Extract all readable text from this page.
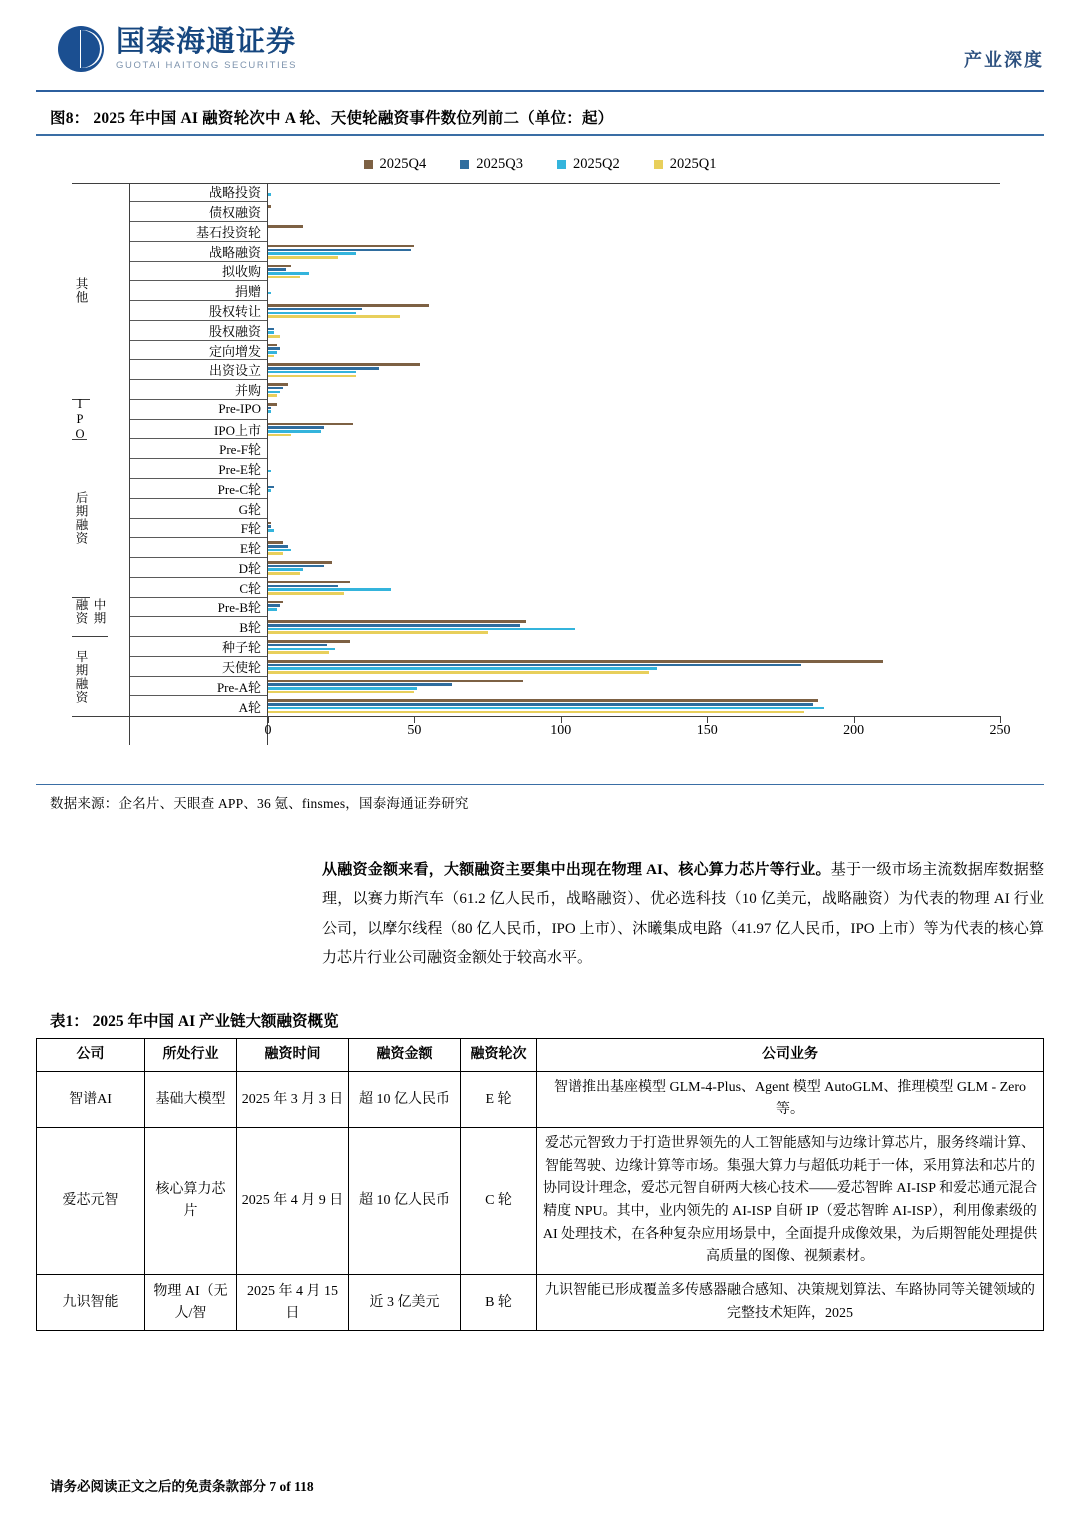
国泰海通证券
GUOTAI HAITONG SECURITIES	产业深度
图8： 2025 年中国 AI 融资轮次中 A 轮、天使轮融资事件数位列前二（单位：起）
2025Q4	2025Q3	2025Q2	2025Q1
其他
IPO
后期融资
中期融资
早期融资
战略投资
债权融资
基石投资轮
战略融资
拟收购
捐赠
股权转让
股权融资
定向增发
出资设立
并购
Pre-IPO
IPO上市
Pre-F轮
Pre-E轮
Pre-C轮
G轮
F轮
E轮
D轮
C轮
Pre-B轮
B轮
种子轮
天使轮
Pre-A轮
A轮
0	50	100	150	200	250
数据来源：企名片、天眼查 APP、36 氪、finsmes，国泰海通证券研究
从融资金额来看，大额融资主要集中出现在物理 AI、核心算力芯片等行业。基于一级市场主流数据库数据整理，以赛力斯汽车（61.2 亿人民币，战略融资）、优必选科技（10 亿美元，战略融资）为代表的物理 AI 行业公司，以摩尔线程（80 亿人民币，IPO 上市）、沐曦集成电路（41.97 亿人民币，IPO 上市）等为代表的核心算力芯片行业公司融资金额处于较高水平。
表1： 2025 年中国 AI 产业链大额融资概览
公司	所处行业	融资时间	融资金额	融资轮次	公司业务
智谱AI	基础大模型	2025 年 3 月 3 日	超 10 亿人民币	E 轮	智谱推出基座模型 GLM-4-Plus、Agent 模型 AutoGLM、推理模型 GLM - Zero 等。
爱芯元智	核心算力芯片	2025 年 4 月 9 日	超 10 亿人民币	C 轮	爱芯元智致力于打造世界领先的人工智能感知与边缘计算芯片，服务终端计算、智能驾驶、边缘计算等市场。集强大算力与超低功耗于一体，采用算法和芯片的协同设计理念，爱芯元智自研两大核心技术——爱芯智眸 AI-ISP 和爱芯通元混合精度 NPU。其中，业内领先的 AI-ISP 自研 IP（爱芯智眸 AI-ISP），利用像素级的 AI 处理技术，在各种复杂应用场景中，全面提升成像效果，为后期智能处理提供高质量的图像、视频素材。
九识智能	物理 AI（无人/智	2025 年 4 月 15 日	近 3 亿美元	B 轮	九识智能已形成覆盖多传感器融合感知、决策规划算法、车路协同等关键领域的完整技术矩阵，2025
请务必阅读正文之后的免责条款部分 7 of 118
